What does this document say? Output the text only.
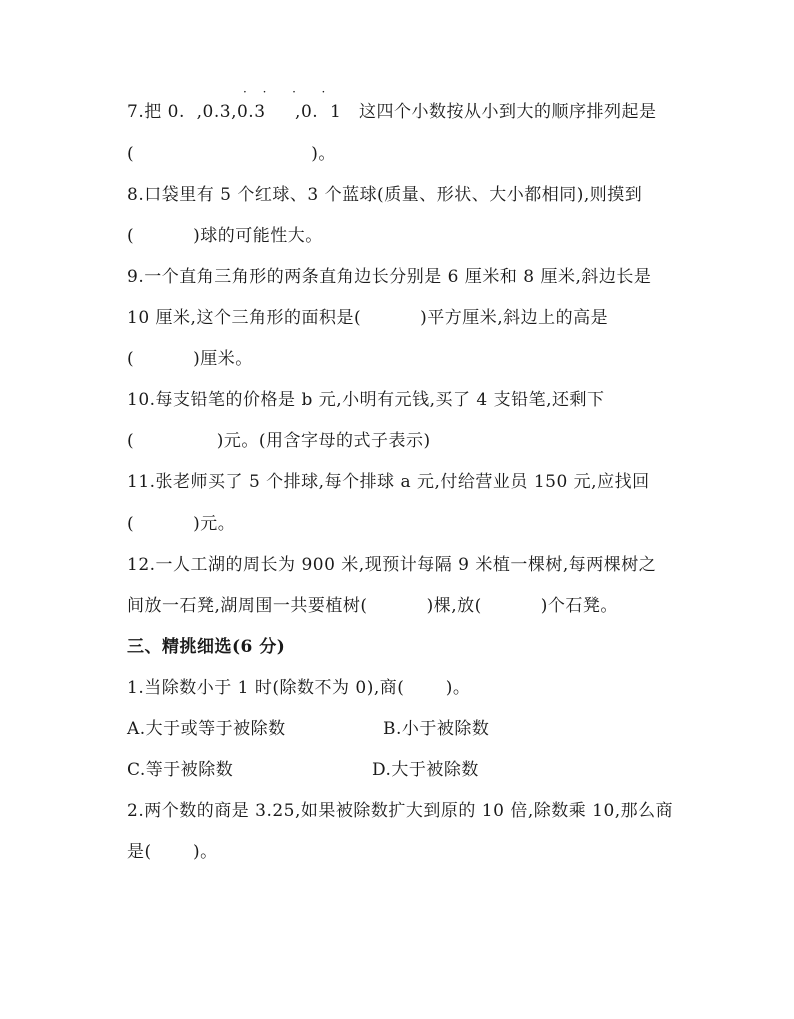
· ·  ·  ·
7.把 0.  ,0.3,0.3     ,0.  1   这四个小数按从小到大的顺序排列起是
(                              )。
8.口袋里有 5 个红球、3 个蓝球(质量、形状、大小都相同),则摸到
(          )球的可能性大。
9.一个直角三角形的两条直角边长分别是 6 厘米和 8 厘米,斜边长是
10 厘米,这个三角形的面积是(          )平方厘米,斜边上的高是
(          )厘米。
10.每支铅笔的价格是 b 元,小明有元钱,买了 4 支铅笔,还剩下
(              )元。(用含字母的式子表示)
11.张老师买了 5 个排球,每个排球 a 元,付给营业员 150 元,应找回
(          )元。
12.一人工湖的周长为 900 米,现预计每隔 9 米植一棵树,每两棵树之
间放一石凳,湖周围一共要植树(          )棵,放(          )个石凳。
三、精挑细选(6 分)
1.当除数小于 1 时(除数不为 0),商(       )。
A.大于或等于被除数	B.小于被除数
C.等于被除数	D.大于被除数
2.两个数的商是 3.25,如果被除数扩大到原的 10 倍,除数乘 10,那么商
是(       )。
